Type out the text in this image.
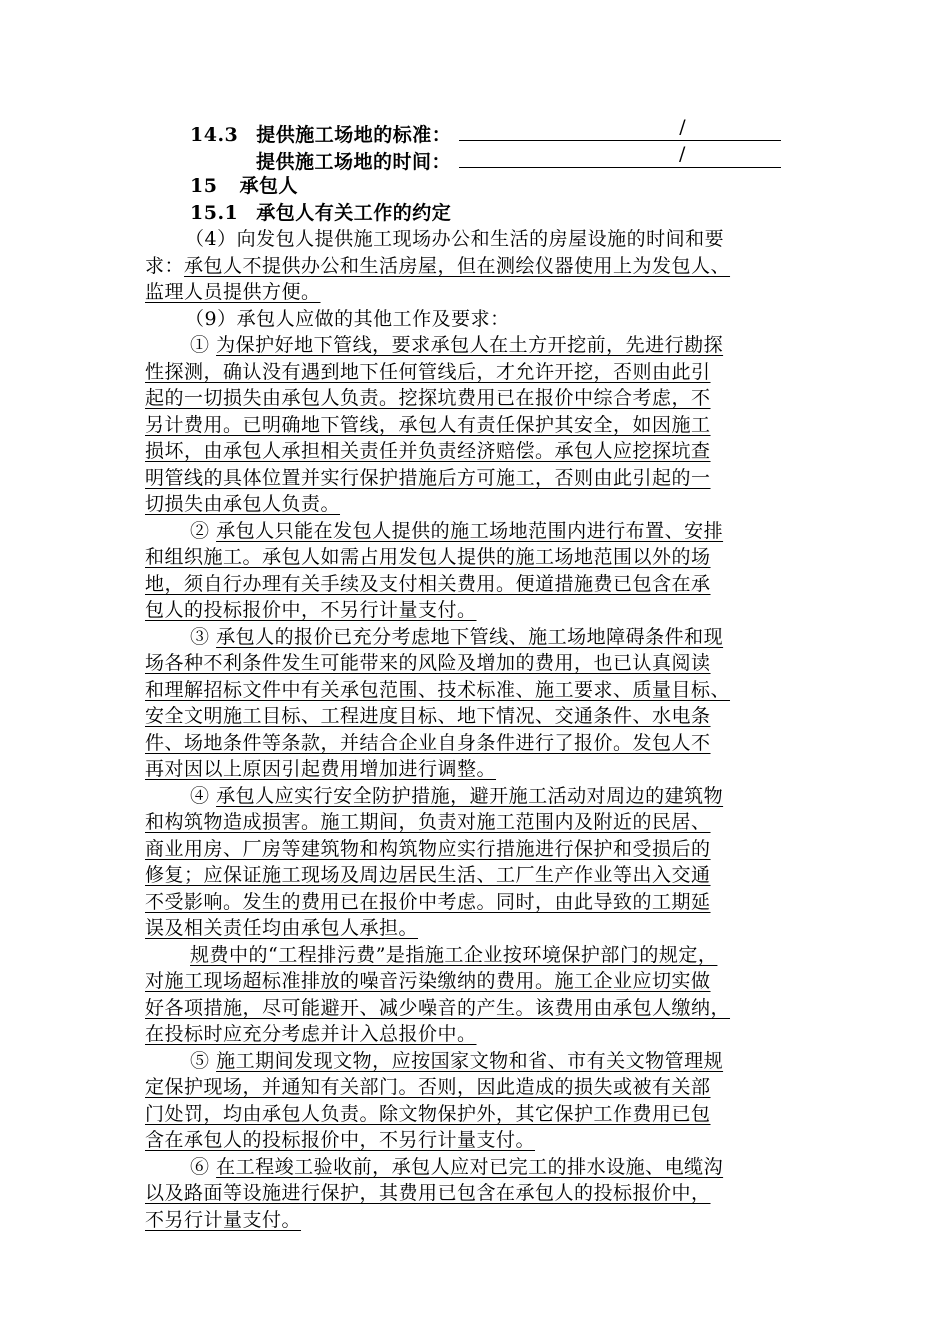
14.3 提供施工场地的标准：	/
提供施工场地的时间：	/
15 承包人
15.1 承包人有关工作的约定
（4）向发包人提供施工现场办公和生活的房屋设施的时间和要
求：承包人不提供办公和生活房屋，但在测绘仪器使用上为发包人、
监理人员提供方便。
（9）承包人应做的其他工作及要求：
① 为保护好地下管线，要求承包人在土方开挖前，先进行勘探
性探测，确认没有遇到地下任何管线后，才允许开挖，否则由此引
起的一切损失由承包人负责。挖探坑费用已在报价中综合考虑，不
另计费用。已明确地下管线，承包人有责任保护其安全，如因施工
损坏，由承包人承担相关责任并负责经济赔偿。承包人应挖探坑查
明管线的具体位置并实行保护措施后方可施工，否则由此引起的一
切损失由承包人负责。
② 承包人只能在发包人提供的施工场地范围内进行布置、安排
和组织施工。承包人如需占用发包人提供的施工场地范围以外的场
地，须自行办理有关手续及支付相关费用。便道措施费已包含在承
包人的投标报价中，不另行计量支付。
③ 承包人的报价已充分考虑地下管线、施工场地障碍条件和现
场各种不利条件发生可能带来的风险及增加的费用，也已认真阅读
和理解招标文件中有关承包范围、技术标准、施工要求、质量目标、
安全文明施工目标、工程进度目标、地下情况、交通条件、水电条
件、场地条件等条款，并结合企业自身条件进行了报价。发包人不
再对因以上原因引起费用增加进行调整。
④ 承包人应实行安全防护措施，避开施工活动对周边的建筑物
和构筑物造成损害。施工期间，负责对施工范围内及附近的民居、
商业用房、厂房等建筑物和构筑物应实行措施进行保护和受损后的
修复；应保证施工现场及周边居民生活、工厂生产作业等出入交通
不受影响。发生的费用已在报价中考虑。同时，由此导致的工期延
误及相关责任均由承包人承担。
规费中的“工程排污费”是指施工企业按环境保护部门的规定，
对施工现场超标准排放的噪音污染缴纳的费用。施工企业应切实做
好各项措施，尽可能避开、减少噪音的产生。该费用由承包人缴纳，
在投标时应充分考虑并计入总报价中。
⑤ 施工期间发现文物，应按国家文物和省、市有关文物管理规
定保护现场，并通知有关部门。否则，因此造成的损失或被有关部
门处罚，均由承包人负责。除文物保护外，其它保护工作费用已包
含在承包人的投标报价中，不另行计量支付。
⑥ 在工程竣工验收前，承包人应对已完工的排水设施、电缆沟
以及路面等设施进行保护，其费用已包含在承包人的投标报价中，
不另行计量支付。
